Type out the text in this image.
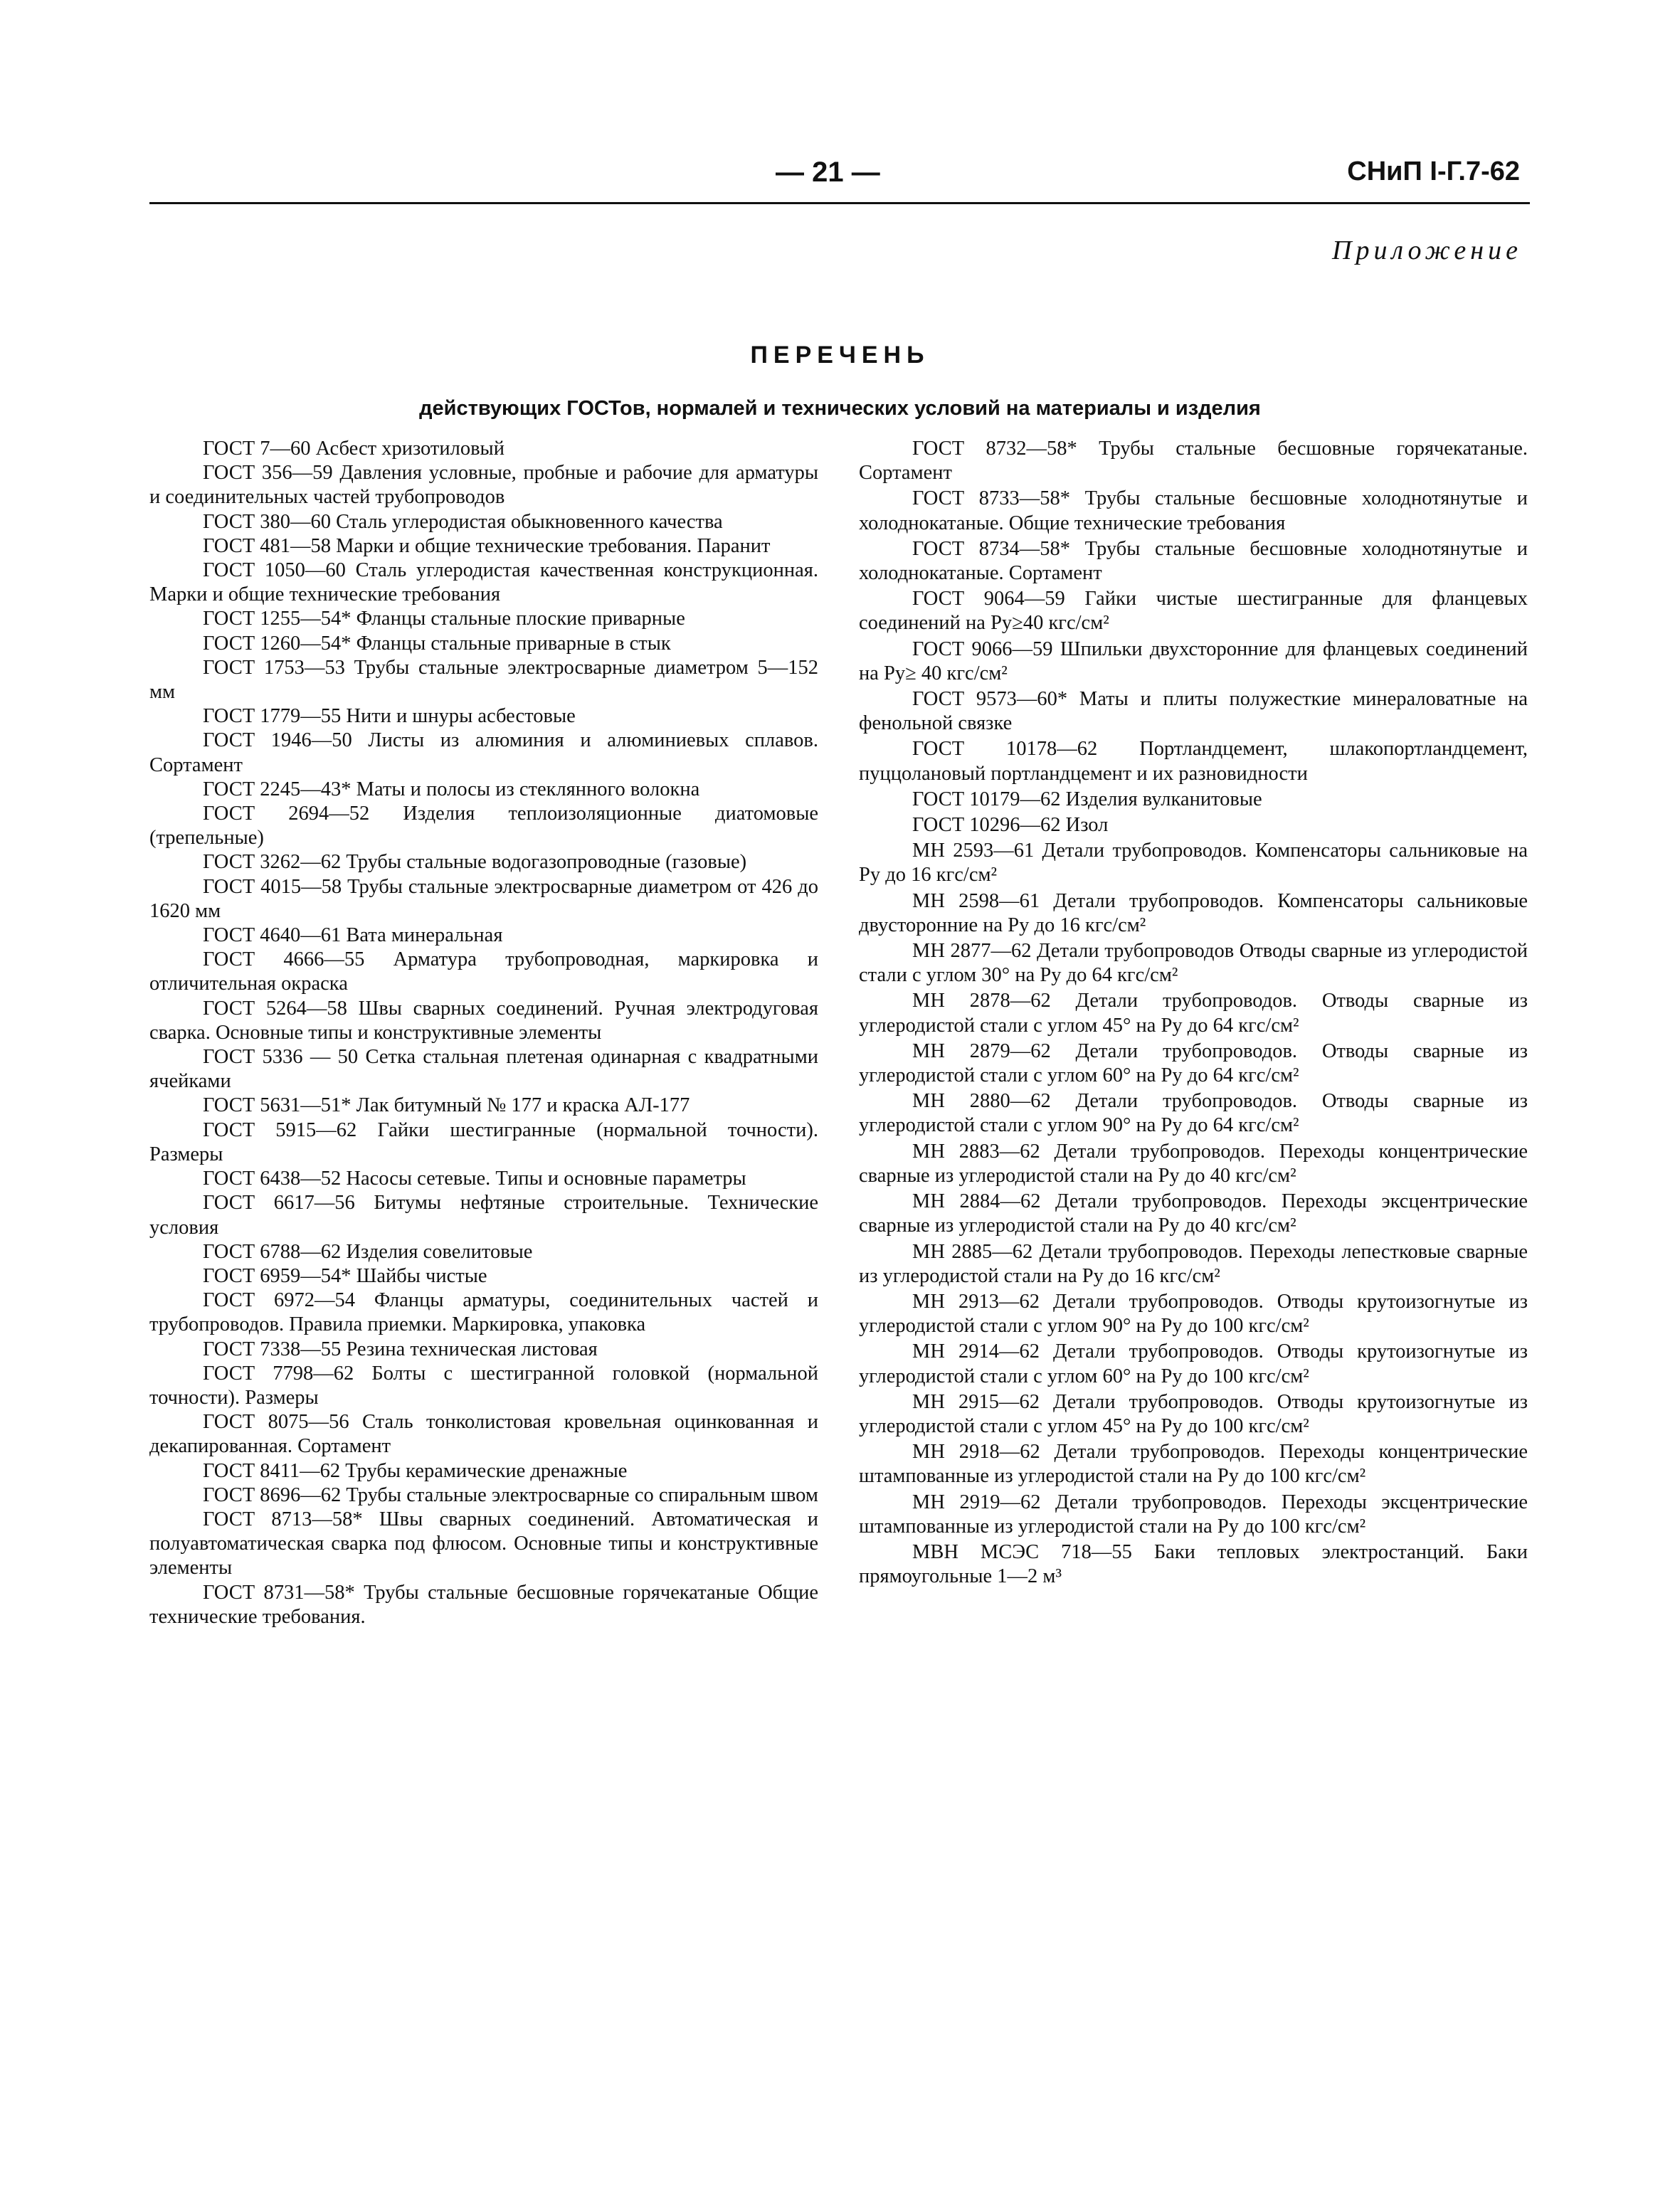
— 21 —	СНиП I-Г.7-62
Приложение
ПЕРЕЧЕНЬ
действующих ГОСТов, нормалей и технических условий на материалы и изделия

ГОСТ 7—60 Асбест хризотиловый

ГОСТ 356—59 Давления условные, пробные и рабочие для арматуры и соединительных частей трубопроводов

ГОСТ 380—60 Сталь углеродистая обыкновенного качества

ГОСТ 481—58 Марки и общие технические требования. Паранит

ГОСТ 1050—60 Сталь углеродистая качественная конструкционная. Марки и общие технические требования

ГОСТ 1255—54* Фланцы стальные плоские приварные

ГОСТ 1260—54* Фланцы стальные приварные в стык

ГОСТ 1753—53 Трубы стальные электросварные диаметром 5—152 мм

ГОСТ 1779—55 Нити и шнуры асбестовые

ГОСТ 1946—50 Листы из алюминия и алюминиевых сплавов. Сортамент

ГОСТ 2245—43* Маты и полосы из стеклянного волокна

ГОСТ 2694—52 Изделия теплоизоляционные диатомовые (трепельные)

ГОСТ 3262—62 Трубы стальные водогазопроводные (газовые)

ГОСТ 4015—58 Трубы стальные электросварные диаметром от 426 до 1620 мм

ГОСТ 4640—61 Вата минеральная

ГОСТ 4666—55 Арматура трубопроводная, маркировка и отличительная окраска

ГОСТ 5264—58 Швы сварных соединений. Ручная электродуговая сварка. Основные типы и конструктивные элементы

ГОСТ 5336 — 50 Сетка стальная плетеная одинарная с квадратными ячейками

ГОСТ 5631—51* Лак битумный № 177 и краска АЛ-177

ГОСТ 5915—62 Гайки шестигранные (нормальной точности). Размеры

ГОСТ 6438—52 Насосы сетевые. Типы и основные параметры

ГОСТ 6617—56 Битумы нефтяные строительные. Технические условия

ГОСТ 6788—62 Изделия совелитовые

ГОСТ 6959—54* Шайбы чистые

ГОСТ 6972—54 Фланцы арматуры, соединительных частей и трубопроводов. Правила приемки. Маркировка, упаковка

ГОСТ 7338—55 Резина техническая листовая

ГОСТ 7798—62 Болты с шестигранной головкой (нормальной точности). Размеры

ГОСТ 8075—56 Сталь тонколистовая кровельная оцинкованная и декапированная. Сортамент

ГОСТ 8411—62 Трубы керамические дренажные

ГОСТ 8696—62 Трубы стальные электросварные со спиральным швом

ГОСТ 8713—58* Швы сварных соединений. Автоматическая и полуавтоматическая сварка под флюсом. Основные типы и конструктивные элементы

ГОСТ 8731—58* Трубы стальные бесшовные горячекатаные Общие технические требования.

ГОСТ 8732—58* Трубы стальные бесшовные горячекатаные. Сортамент

ГОСТ 8733—58* Трубы стальные бесшовные холоднотянутые и холоднокатаные. Общие технические требования

ГОСТ 8734—58* Трубы стальные бесшовные холоднотянутые и холоднокатаные. Сортамент

ГОСТ 9064—59 Гайки чистые шестигранные для фланцевых соединений на Pу≥40 кгс/см²

ГОСТ 9066—59 Шпильки двухсторонние для фланцевых соединений на Pу≥ 40 кгс/см²

ГОСТ 9573—60* Маты и плиты полужесткие минераловатные на фенольной связке

ГОСТ 10178—62 Портландцемент, шлакопортландцемент, пуццолановый портландцемент и их разновидности

ГОСТ 10179—62 Изделия вулканитовые

ГОСТ 10296—62 Изол

МН 2593—61 Детали трубопроводов. Компенсаторы сальниковые на Pу до 16 кгс/см²

МН 2598—61 Детали трубопроводов. Компенсаторы сальниковые двусторонние на Pу до 16 кгс/см²

МН 2877—62 Детали трубопроводов Отводы сварные из углеродистой стали с углом 30° на Pу до 64 кгс/см²

МН 2878—62 Детали трубопроводов. Отводы сварные из углеродистой стали с углом 45° на Pу до 64 кгс/см²

МН 2879—62 Детали трубопроводов. Отводы сварные из углеродистой стали с углом 60° на Pу до 64 кгс/см²

МН 2880—62 Детали трубопроводов. Отводы сварные из углеродистой стали с углом 90° на Pу до 64 кгс/см²

МН 2883—62 Детали трубопроводов. Переходы концентрические сварные из углеродистой стали на Pу до 40 кгс/см²

МН 2884—62 Детали трубопроводов. Переходы эксцентрические сварные из углеродистой стали на Pу до 40 кгс/см²

МН 2885—62 Детали трубопроводов. Переходы лепестковые сварные из углеродистой стали на Pу до 16 кгс/см²

МН 2913—62 Детали трубопроводов. Отводы крутоизогнутые из углеродистой стали с углом 90° на Pу до 100 кгс/см²

МН 2914—62 Детали трубопроводов. Отводы крутоизогнутые из углеродистой стали с углом 60° на Pу до 100 кгс/см²

МН 2915—62 Детали трубопроводов. Отводы крутоизогнутые из углеродистой стали с углом 45° на Pу до 100 кгс/см²

МН 2918—62 Детали трубопроводов. Переходы концентрические штампованные из углеродистой стали на Pу до 100 кгс/см²

МН 2919—62 Детали трубопроводов. Переходы эксцентрические штампованные из углеродистой стали на Pу до 100 кгс/см²

МВН МСЭС 718—55 Баки тепловых электростанций. Баки прямоугольные 1—2 м³
